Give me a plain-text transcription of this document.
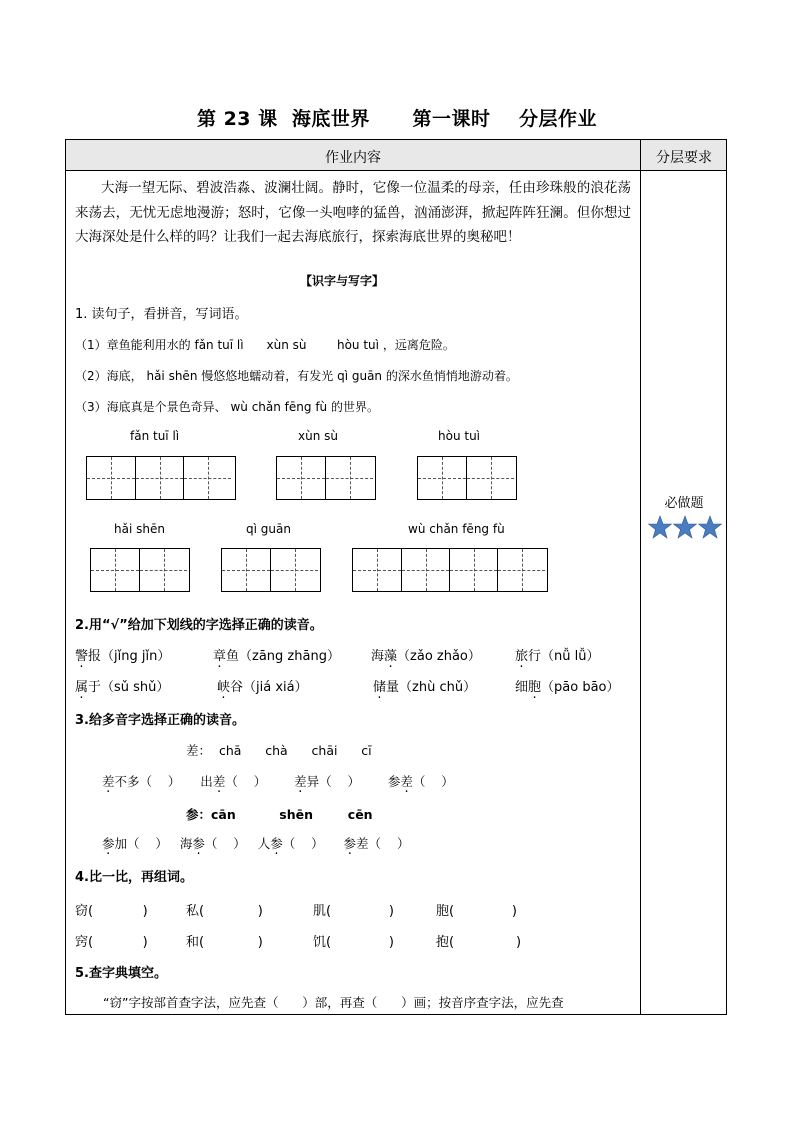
第 23 课  海底世界      第一课时    分层作业
作业内容	分层要求
必做题
大海一望无际、碧波浩淼、波澜壮阔。静时，它像一位温柔的母亲，任由珍珠般的浪花荡来荡去，无忧无虑地漫游；怒时，它像一头咆哮的猛兽，汹涌澎湃，掀起阵阵狂澜。但你想过大海深处是什么样的吗？让我们一起去海底旅行，探索海底世界的奥秘吧！
【识字与写字】
1. 读句子，看拼音，写词语。
（1）章鱼能利用水的 fǎn tuī lì xùn sù	hòu tuì ，远离危险。
（2）海底， hǎi shēn 慢悠悠地蠕动着，有发光 qì guān 的深水鱼悄悄地游动着。
（3）海底真是个景色奇异、 wù chǎn fēng fù 的世界。
fǎn tuī lì	xùn sù	hòu tuì
hǎi shēn	qì guān	wù chǎn fēng fù
2.用“√”给加下划线的字选择正确的读音。
警报（jǐng jǐn）	章鱼（zāng zhāng） 海藻（zǎo zhǎo）	旅行（nǚ lǚ）
属于（sǔ shǔ）	峡谷（jiá xiá）	储量（zhù chǔ）	细胞（pāo bāo）
3.给多音字选择正确的读音。
差：  chā      chà      chāi      cī
差不多（    ） 出差（    ） 差异（    ） 参差（    ）
参：cān          shēn        cēn
参加（    ） 海参（    ） 人参（    ） 参差（    ）
4.比一比，再组词。
窃(            )	私(             )	肌(              )	胞(              )
窍(            )	和(             )	饥(              )	抱(               )
5.查字典填空。
“窃”字按部首查字法，应先查（      ）部，再查（      ）画；按音序查字法，应先查
